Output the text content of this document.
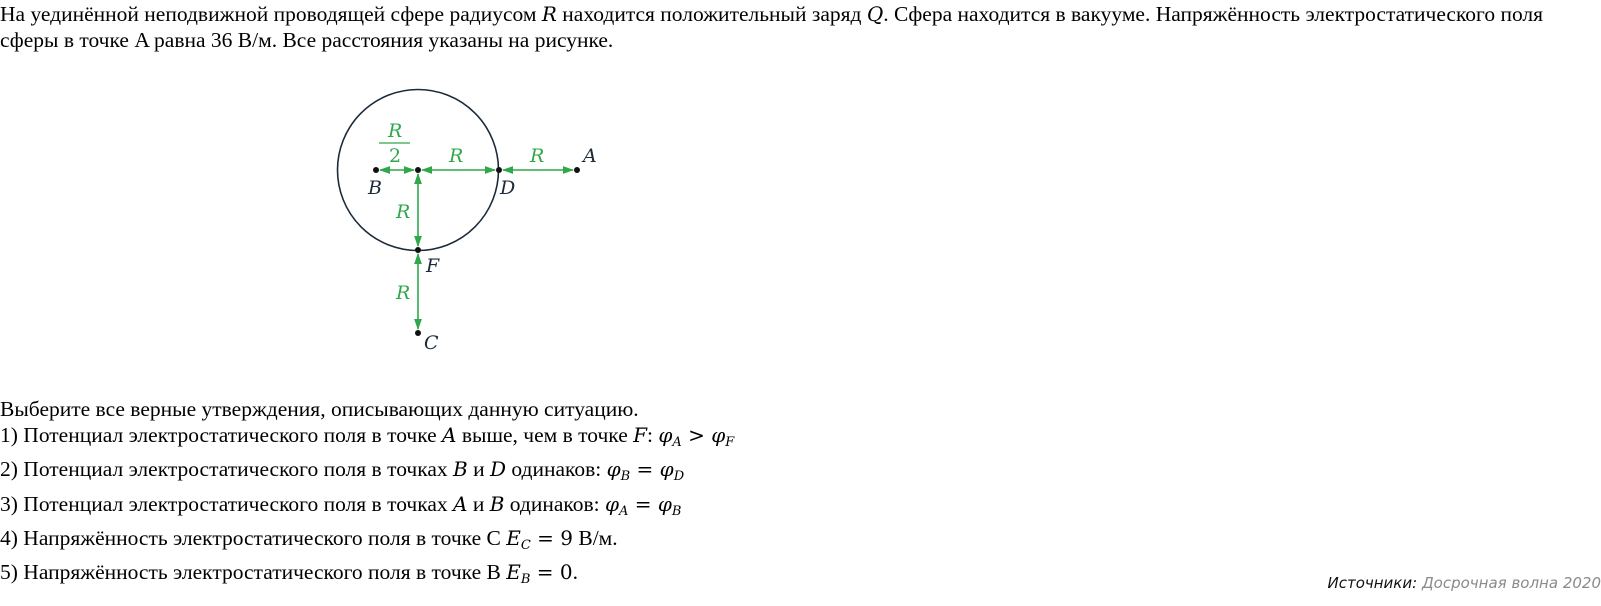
На уединённой неподвижной проводящей сфере радиусом R находится положительный заряд Q. Сфера находится в вакууме. Напряжённость электростатического поля сферы в точке A равна 36 В/м. Все расстояния указаны на рисунке.

R
2	R	R
R
R
A
B	D
F
C
Выберите все верные утверждения, описывающих данную ситуацию.
1) Потенциал электростатического поля в точке A выше, чем в точке F: $\varphi_A > \varphi_F$
2) Потенциал электростатического поля в точках B и D одинаков: $\varphi_B = \varphi_D$
3) Потенциал электростатического поля в точках A и B одинаков: $\varphi_A = \varphi_B$
4) Напряжённость электростатического поля в точке С $E_C = 9$ В/м.
5) Напряжённость электростатического поля в точке В $E_B = 0$.	Источники: Досрочная волна 2020
